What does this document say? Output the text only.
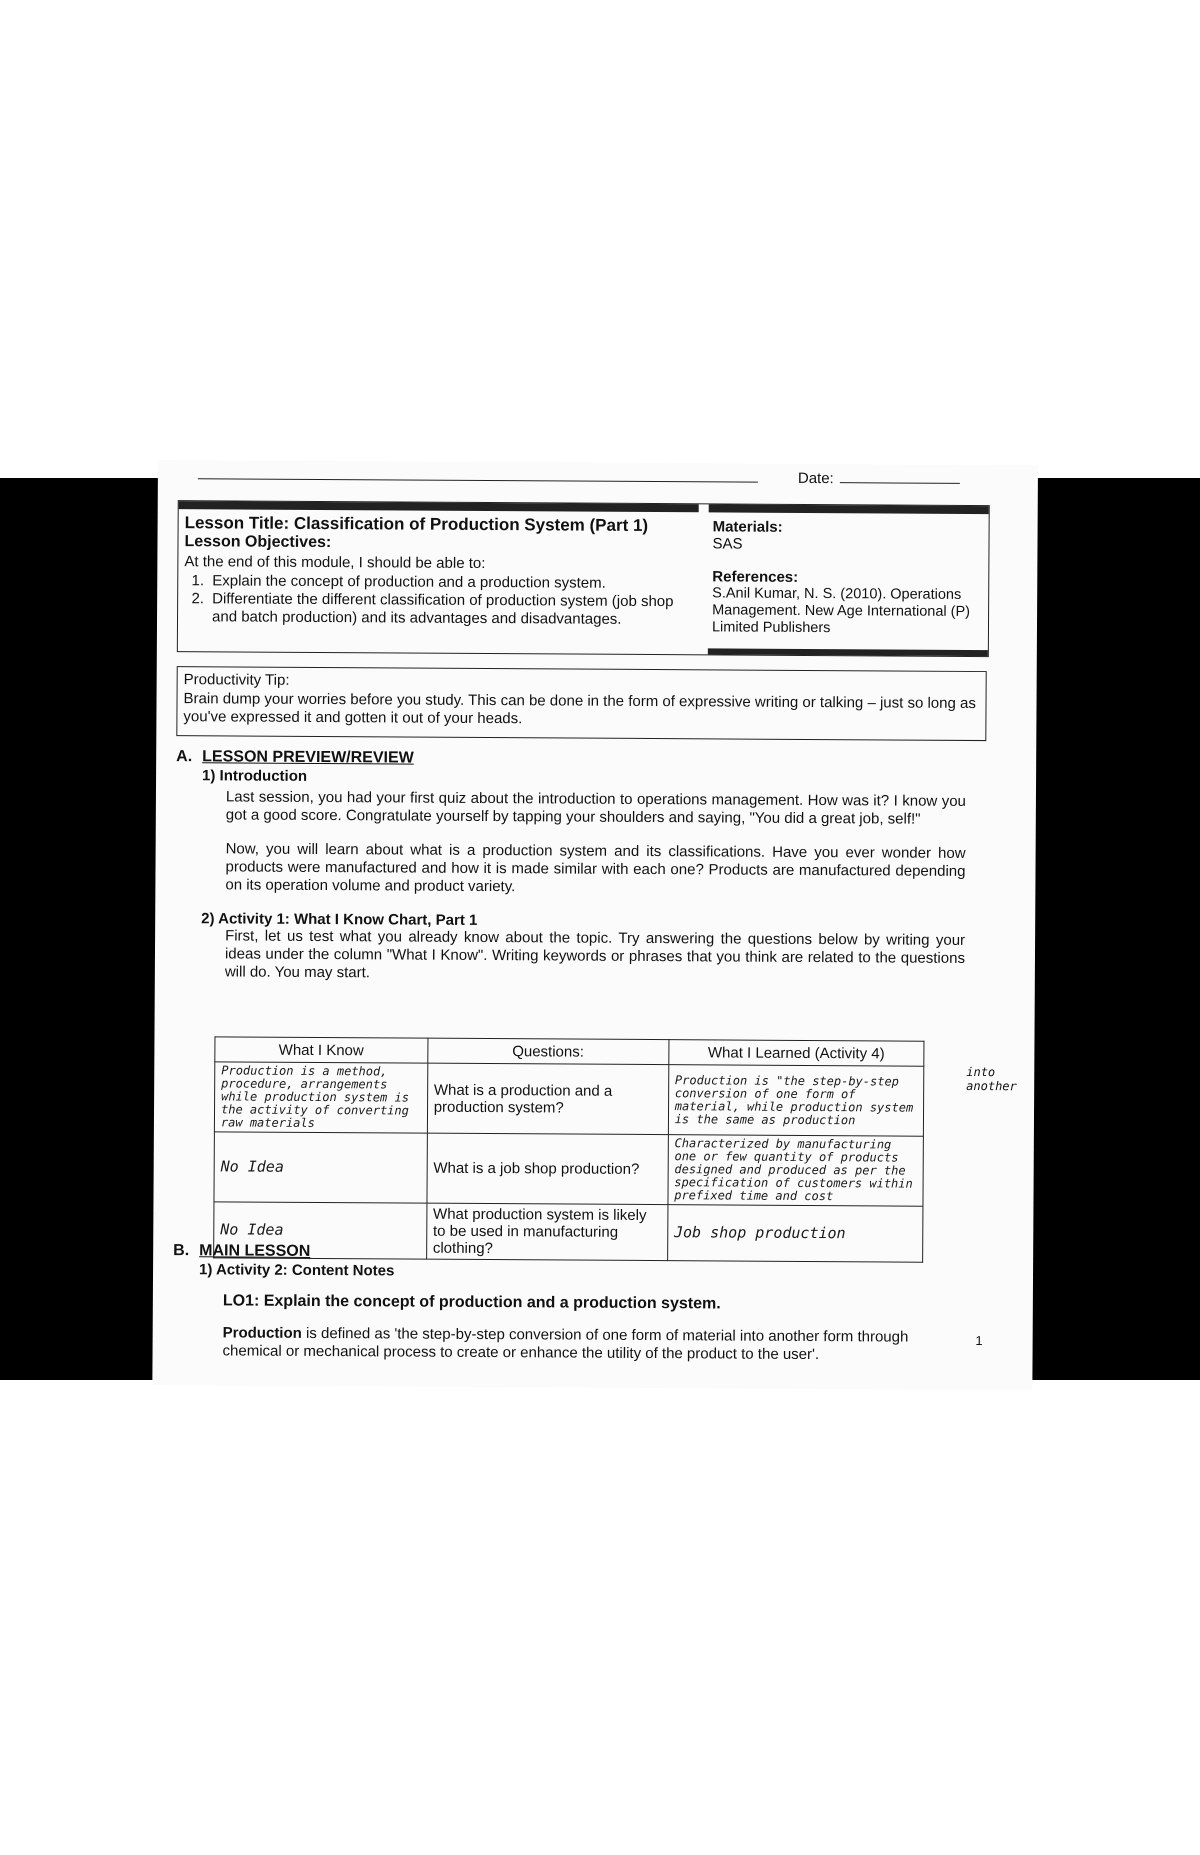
Date:
Lesson Title: Classification of Production System (Part 1)
Lesson Objectives:
At the end of this module, I should be able to:
1. Explain the concept of production and a production system.
2. Differentiate the different classification of production system (job shop and batch production) and its advantages and disadvantages.
Materials:
SAS
References:
S.Anil Kumar, N. S. (2010). Operations Management. New Age International (P) Limited Publishers
Productivity Tip:
Brain dump your worries before you study. This can be done in the form of expressive writing or talking – just so long as you've expressed it and gotten it out of your heads.
A. LESSON PREVIEW/REVIEW
1) Introduction
Last session, you had your first quiz about the introduction to operations management. How was it? I know you got a good score. Congratulate yourself by tapping your shoulders and saying, "You did a great job, self!"
Now, you will learn about what is a production system and its classifications. Have you ever wonder how products were manufactured and how it is made similar with each one? Products are manufactured depending on its operation volume and product variety.
2) Activity 1: What I Know Chart, Part 1
First, let us test what you already know about the topic. Try answering the questions below by writing your ideas under the column "What I Know". Writing keywords or phrases that you think are related to the questions will do. You may start.
What I Know	Questions:	What I Learned (Activity 4)
Production is a method, procedure, arrangements while production system is the activity of converting raw materials	What is a production and a production system?	Production is "the step-by-step conversion of one form of material, while production system is the same as production
No Idea	What is a job shop production?	Characterized by manufacturing one or few quantity of products designed and produced as per the specification of customers within prefixed time and cost
No Idea	What production system is likely to be used in manufacturing clothing?	Job shop production
into another
B. MAIN LESSON
1) Activity 2: Content Notes
LO1: Explain the concept of production and a production system.
Production is defined as 'the step-by-step conversion of one form of material into another form through chemical or mechanical process to create or enhance the utility of the product to the user'.
1
